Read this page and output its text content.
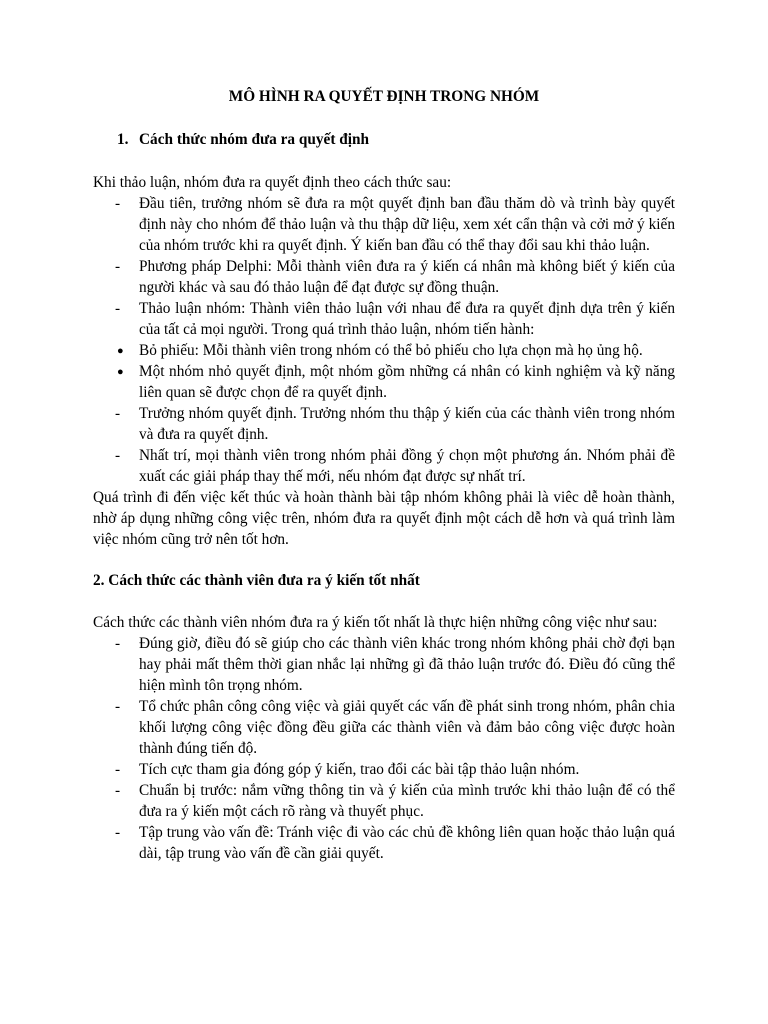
MÔ HÌNH RA QUYẾT ĐỊNH TRONG NHÓM
1. Cách thức nhóm đưa ra quyết định
Khi thảo luận, nhóm đưa ra quyết định theo cách thức sau:
-	Đầu tiên, trưởng nhóm sẽ đưa ra một quyết định ban đầu thăm dò và trình bày quyết định này cho nhóm để thảo luận và thu thập dữ liệu, xem xét cẩn thận và cởi mở ý kiến của nhóm trước khi ra quyết định. Ý kiến ban đầu có thể thay đổi sau khi thảo luận.
-	Phương pháp Delphi: Mỗi thành viên đưa ra ý kiến cá nhân mà không biết ý kiến của người khác và sau đó thảo luận để đạt được sự đồng thuận.
-	Thảo luận nhóm: Thành viên thảo luận với nhau để đưa ra quyết định dựa trên ý kiến của tất cả mọi người. Trong quá trình thảo luận, nhóm tiến hành:
●	Bỏ phiếu: Mỗi thành viên trong nhóm có thể bỏ phiếu cho lựa chọn mà họ ủng hộ.
●	Một nhóm nhỏ quyết định, một nhóm gồm những cá nhân có kinh nghiệm và kỹ năng liên quan sẽ được chọn để ra quyết định.
-	Trưởng nhóm quyết định. Trưởng nhóm thu thập ý kiến của các thành viên trong nhóm và đưa ra quyết định.
-	Nhất trí, mọi thành viên trong nhóm phải đồng ý chọn một phương án. Nhóm phải đề xuất các giải pháp thay thế mới, nếu nhóm đạt được sự nhất trí.
Quá trình đi đến việc kết thúc và hoàn thành bài tập nhóm không phải là viêc dễ hoàn thành, nhờ áp dụng những công việc trên, nhóm đưa ra quyết định một cách dễ hơn và quá trình làm việc nhóm cũng trở nên tốt hơn.
2. Cách thức các thành viên đưa ra ý kiến tốt nhất
Cách thức các thành viên nhóm đưa ra ý kiến tốt nhất là thực hiện những công việc như sau:
-	Đúng giờ, điều đó sẽ giúp cho các thành viên khác trong nhóm không phải chờ đợi bạn hay phải mất thêm thời gian nhắc lại những gì đã thảo luận trước đó. Điều đó cũng thể hiện mình tôn trọng nhóm.
-	Tổ chức phân công công việc và giải quyết các vấn đề phát sinh trong nhóm, phân chia khối lượng công việc đồng đều giữa các thành viên và đảm bảo công việc được hoàn thành đúng tiến độ.
-	Tích cực tham gia đóng góp ý kiến, trao đổi các bài tập thảo luận nhóm.
-	Chuẩn bị trước: nắm vững thông tin và ý kiến của mình trước khi thảo luận để có thể đưa ra ý kiến một cách rõ ràng và thuyết phục.
-	Tập trung vào vấn đề: Tránh việc đi vào các chủ đề không liên quan hoặc thảo luận quá dài, tập trung vào vấn đề cần giải quyết.
